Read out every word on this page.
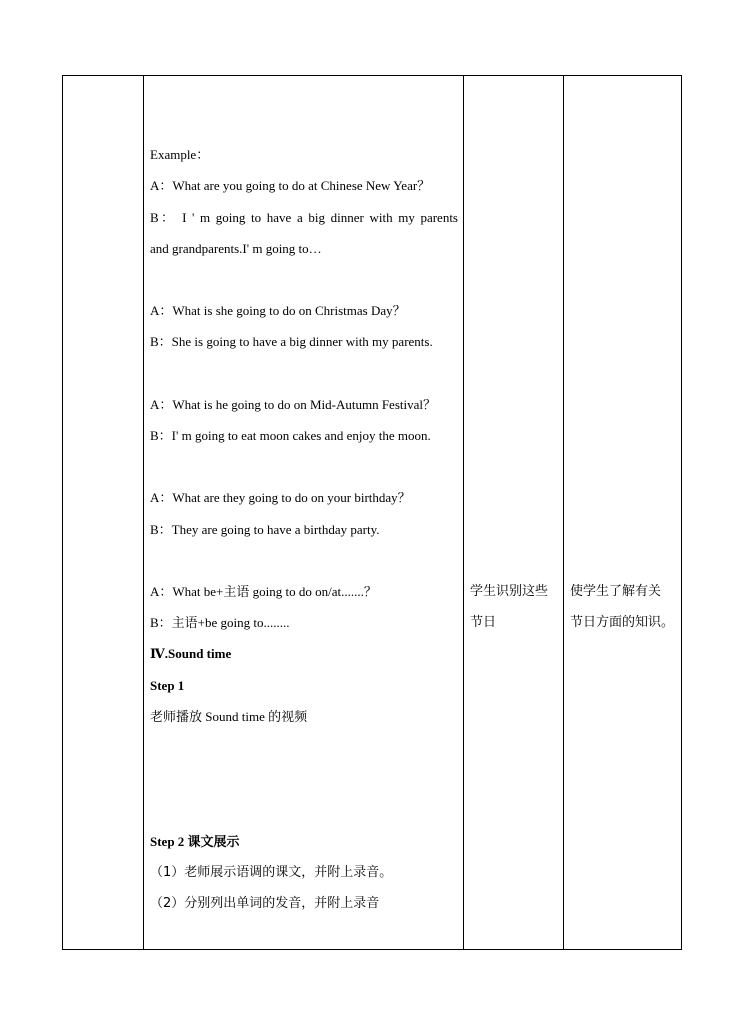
Example：
A：What are you going to do at Chinese New Year？
B： I ' m going to have a big dinner with my parents
and grandparents.I' m going to…
A：What is she going to do on Christmas Day？
B：She is going to have a big dinner with my parents.
A：What is he going to do on Mid-Autumn Festival？
B：I' m going to eat moon cakes and enjoy the moon.
A：What are they going to do on your birthday？
B：They are going to have a birthday party.
A：What be+主语 going to do on/at.......？
B：主语+be going to........
Ⅳ.Sound time
Step 1
老师播放 Sound time 的视频
Step 2 课文展示
（1）老师展示语调的课文，并附上录音。
（2）分别列出单词的发音，并附上录音
学生识别这些
节日
使学生了解有关
节日方面的知识。
